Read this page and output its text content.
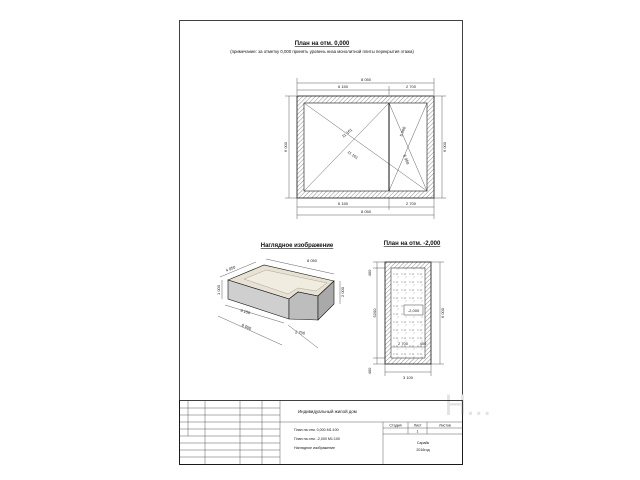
План на отм. 0,000
(примечание: за отметку 0,000 принять уровень низа монолитной плиты перекрытия этажа)
8 050
6 150	2 700
11 161
11 161
5 968
5 968
6 000	6 000
6 150	2 700
8 050
Наглядное изображение
4 050
8 050
2 000
1 000
6 150
8 050
2 700
План на отм. -2,000
-2,000
400
5200
400
6 000
2 700	400
3 100
Н...
Индивидуальный жилой дом
План на отм. 0,000 М1:100
План на отм. -2,000 М1:100
Наглядное изображение
Стадия	Лист	Листов
1
Сарайк
2016год
